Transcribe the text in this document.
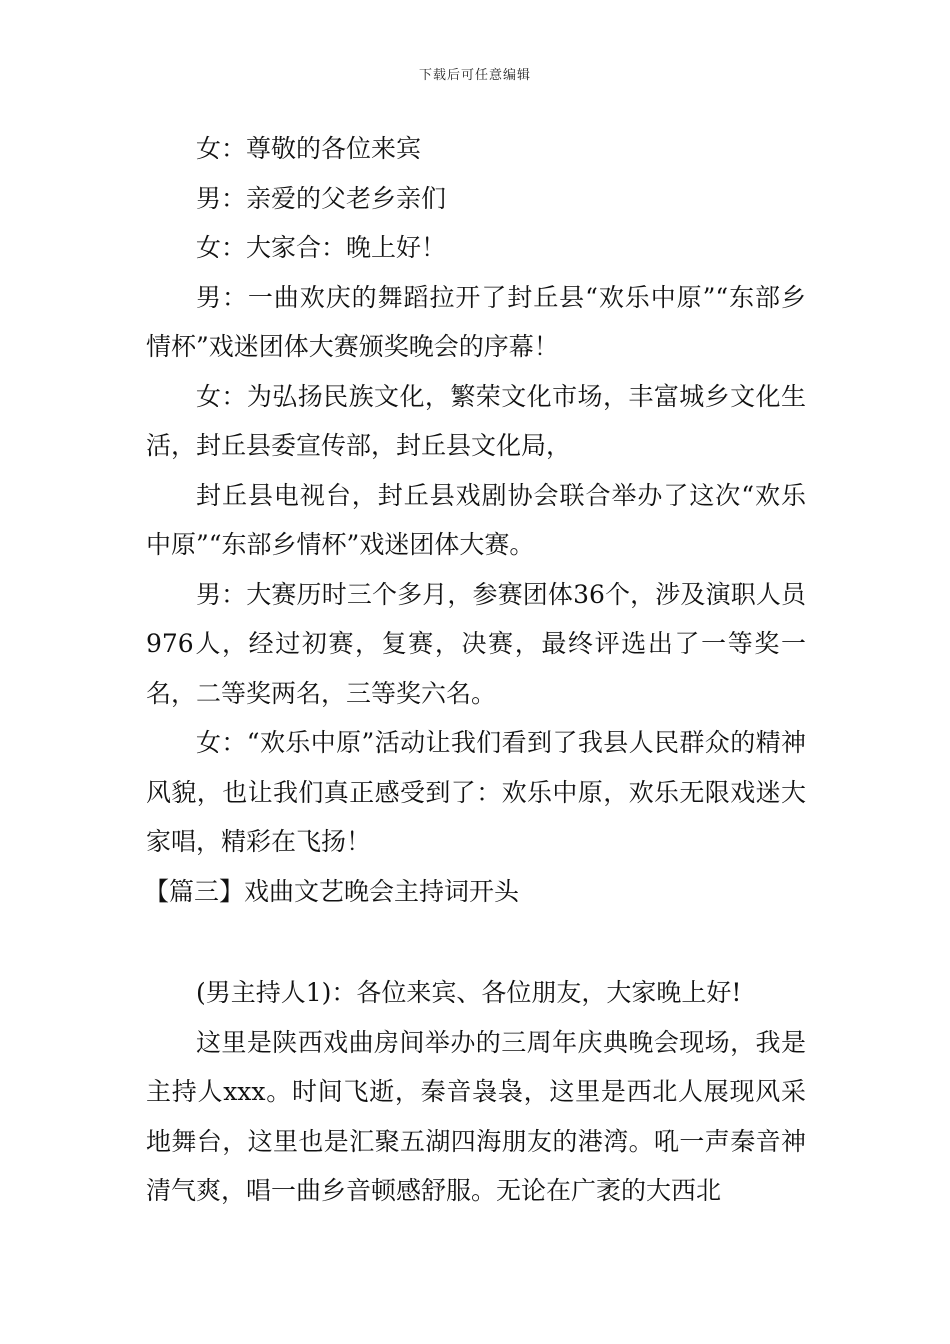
下载后可任意编辑

女：尊敬的各位来宾

男：亲爱的父老乡亲们

女：大家合：晚上好！

男：一曲欢庆的舞蹈拉开了封丘县“欢乐中原”“东部乡情杯”戏迷团体大赛颁奖晚会的序幕！

女：为弘扬民族文化，繁荣文化市场，丰富城乡文化生活，封丘县委宣传部，封丘县文化局，

封丘县电视台，封丘县戏剧协会联合举办了这次“欢乐中原”“东部乡情杯”戏迷团体大赛。

男：大赛历时三个多月，参赛团体36个，涉及演职人员976人，经过初赛，复赛，决赛，最终评选出了一等奖一名，二等奖两名，三等奖六名。

女：“欢乐中原”活动让我们看到了我县人民群众的精神风貌，也让我们真正感受到了：欢乐中原，欢乐无限戏迷大家唱，精彩在飞扬！

【篇三】戏曲文艺晚会主持词开头

(男主持人1)：各位来宾、各位朋友，大家晚上好!

这里是陕西戏曲房间举办的三周年庆典晚会现场，我是主持人xxx。时间飞逝，秦音袅袅，这里是西北人展现风采地舞台，这里也是汇聚五湖四海朋友的港湾。吼一声秦音神清气爽，唱一曲乡音顿感舒服。无论在广袤的大西北
